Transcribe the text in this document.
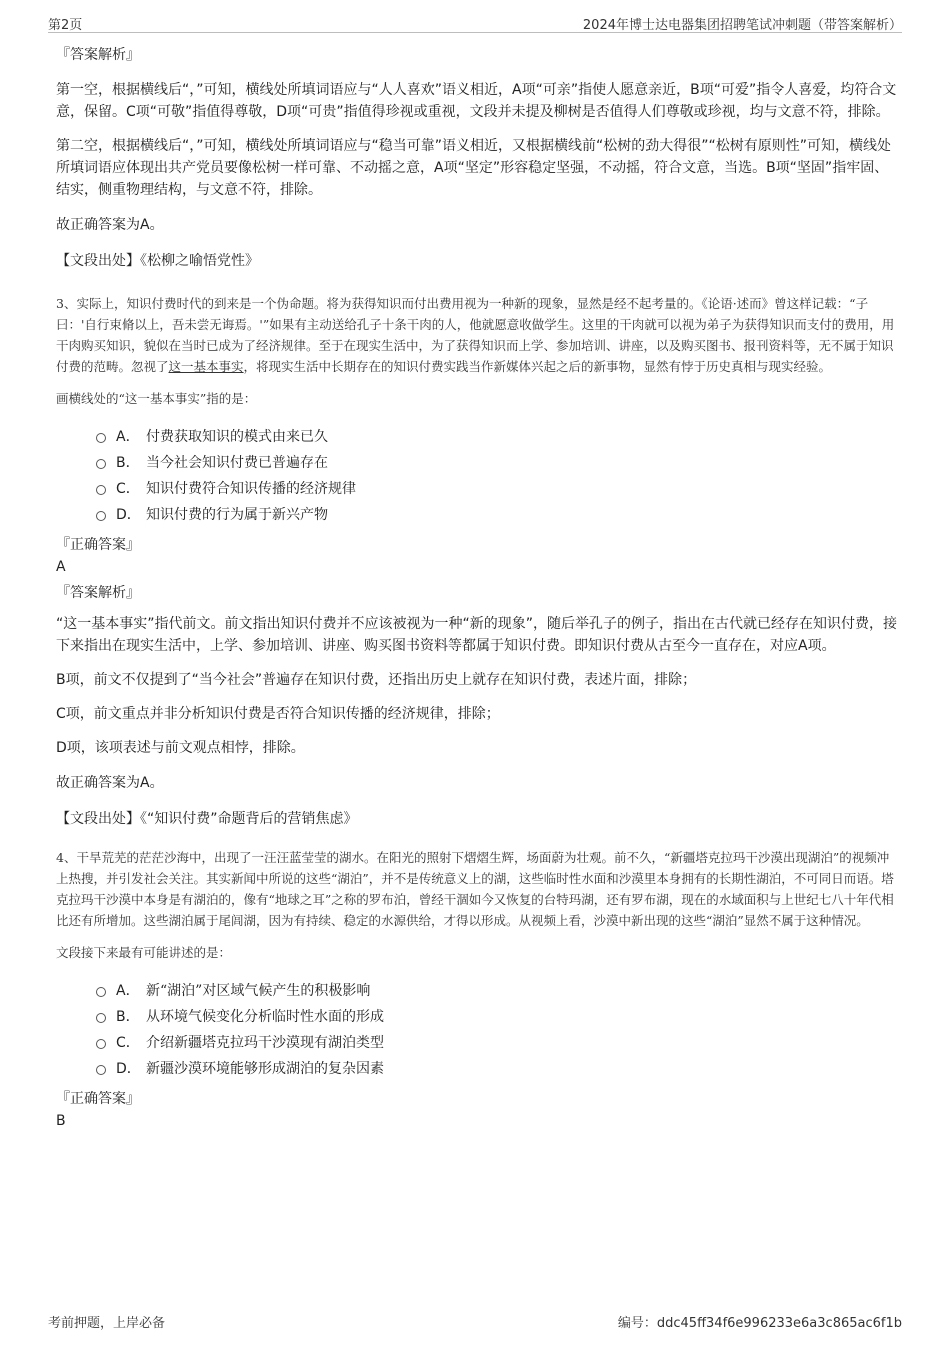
第2页	2024年博士达电器集团招聘笔试冲刺题（带答案解析）
『答案解析』

第一空，根据横线后“，”可知，横线处所填词语应与“人人喜欢”语义相近，A项“可亲”指使人愿意亲近，B项“可爱”指令人喜爱，均符合文意，保留。C项“可敬”指值得尊敬，D项“可贵”指值得珍视或重视，文段并未提及柳树是否值得人们尊敬或珍视，均与文意不符，排除。

第二空，根据横线后“，”可知，横线处所填词语应与“稳当可靠”语义相近，又根据横线前“松树的劲大得很”“松树有原则性”可知，横线处所填词语应体现出共产党员要像松树一样可靠、不动摇之意，A项“坚定”形容稳定坚强，不动摇，符合文意，当选。B项“坚固”指牢固、结实，侧重物理结构，与文意不符，排除。

故正确答案为A。
【文段出处】《松柳之喻悟党性》
3、实际上，知识付费时代的到来是一个伪命题。将为获得知识而付出费用视为一种新的现象，显然是经不起考量的。《论语·述而》曾这样记载：“子曰：'自行束脩以上，吾未尝无诲焉。'”如果有主动送给孔子十条干肉的人，他就愿意收做学生。这里的干肉就可以视为弟子为获得知识而支付的费用，用干肉购买知识，貌似在当时已成为了经济规律。至于在现实生活中，为了获得知识而上学、参加培训、讲座，以及购买图书、报刊资料等，无不属于知识付费的范畴。忽视了这一基本事实，将现实生活中长期存在的知识付费实践当作新媒体兴起之后的新事物，显然有悖于历史真相与现实经验。
画横线处的“这一基本事实”指的是：
A． 付费获取知识的模式由来已久
B． 当今社会知识付费已普遍存在
C． 知识付费符合知识传播的经济规律
D． 知识付费的行为属于新兴产物
『正确答案』
A
『答案解析』

“这一基本事实”指代前文。前文指出知识付费并不应该被视为一种“新的现象”，随后举孔子的例子，指出在古代就已经存在知识付费，接下来指出在现实生活中，上学、参加培训、讲座、购买图书资料等都属于知识付费。即知识付费从古至今一直存在，对应A项。

B项，前文不仅提到了“当今社会”普遍存在知识付费，还指出历史上就存在知识付费，表述片面，排除；

C项，前文重点并非分析知识付费是否符合知识传播的经济规律，排除；

D项，该项表述与前文观点相悖，排除。

故正确答案为A。
【文段出处】《“知识付费”命题背后的营销焦虑》
4、干旱荒芜的茫茫沙海中，出现了一汪汪蓝莹莹的湖水。在阳光的照射下熠熠生辉，场面蔚为壮观。前不久，“新疆塔克拉玛干沙漠出现湖泊”的视频冲上热搜，并引发社会关注。其实新闻中所说的这些“湖泊”，并不是传统意义上的湖，这些临时性水面和沙漠里本身拥有的长期性湖泊，不可同日而语。塔克拉玛干沙漠中本身是有湖泊的，像有“地球之耳”之称的罗布泊，曾经干涸如今又恢复的台特玛湖，还有罗布湖，现在的水域面积与上世纪七八十年代相比还有所增加。这些湖泊属于尾闾湖，因为有持续、稳定的水源供给，才得以形成。从视频上看，沙漠中新出现的这些“湖泊”显然不属于这种情况。
文段接下来最有可能讲述的是：
A． 新“湖泊”对区域气候产生的积极影响
B． 从环境气候变化分析临时性水面的形成
C． 介绍新疆塔克拉玛干沙漠现有湖泊类型
D． 新疆沙漠环境能够形成湖泊的复杂因素
『正确答案』
B
考前押题，上岸必备	编号：ddc45ff34f6e996233e6a3c865ac6f1b
